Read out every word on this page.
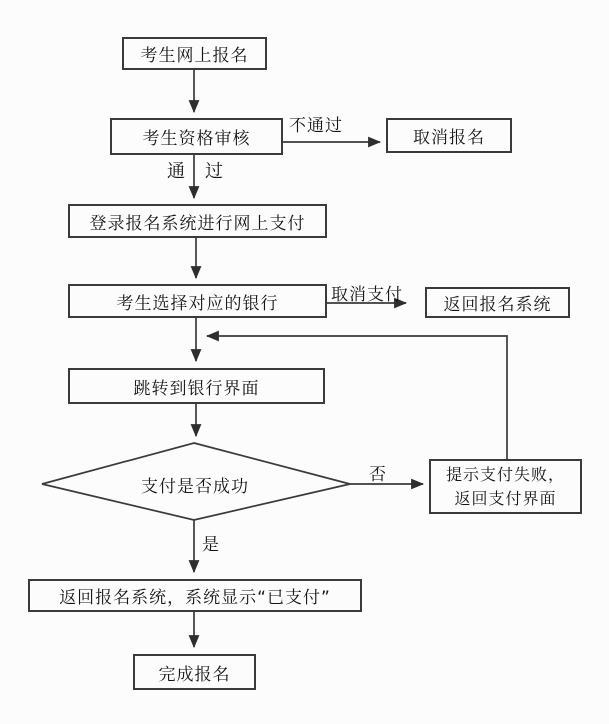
考生网上报名
考生资格审核	取消报名
登录报名系统进行网上支付
考生选择对应的银行	返回报名系统
跳转到银行界面
支付是否成功
提示支付失败，
返回支付界面
返回报名系统，系统显示“已支付”
完成报名
不通过
通　过
取消支付
否
是
